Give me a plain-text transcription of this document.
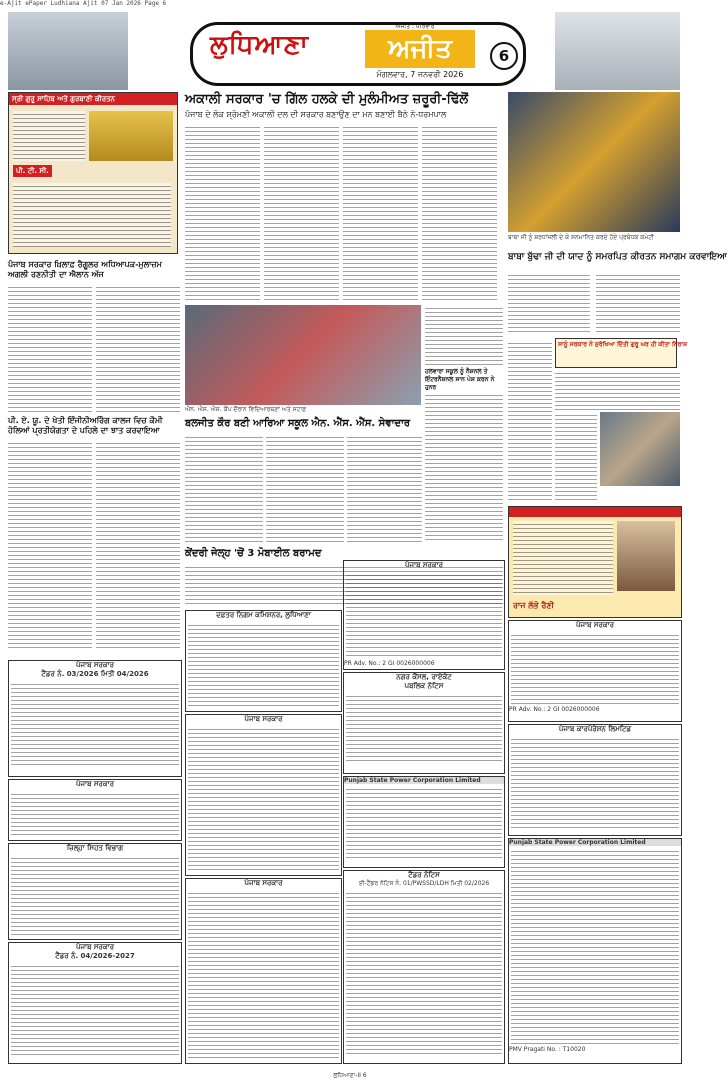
e-Ajit ePaper Ludhiana Ajit 07 Jan 2026 Page 6
ਲੁਧਿਆਣਾ	ਅਜੀਤ
ਅਜੀਤ : ਪਰਿਵਾਰ
6
ਮੰਗਲਵਾਰ, 7 ਜਨਵਰੀ 2026
ਸ੍ਰੀ ਗੁਰੂ ਸਾਹਿਬ ਅਤੇ ਗੁਰਬਾਣੀ ਕੀਰਤਨ
ਪੀ. ਟੀ. ਸੀ.
ਅਕਾਲੀ ਸਰਕਾਰ 'ਚ ਗਿੱਲ ਹਲਕੇ ਦੀ ਮੁਲੰਮੀਅਤ ਜ਼ਰੂਰੀ-ਢਿੱਲੋਂ
ਪੰਜਾਬ ਦੇ ਲੋਕ ਸ਼੍ਰੋਮਣੀ ਅਕਾਲੀ ਦਲ ਦੀ ਸਰਕਾਰ ਬਣਾਉਣ ਦਾ ਮਨ ਬਣਾਈ ਬੈਠੇ ਨੇ-ਧਰਮਪਾਲ
ਬਾਬਾ ਜੀ ਨੂੰ ਸ਼ਰਧਾਂਜਲੀ ਦੇ ਕੇ ਸਨਮਾਨਿਤ ਕਰਦੇ ਹੋਏ ਪ੍ਰਬੰਧਕ ਕਮੇਟੀ
ਬਾਬਾ ਬੁੱਢਾ ਜੀ ਦੀ ਯਾਦ ਨੂੰ ਸਮਰਪਿਤ ਕੀਰਤਨ ਸਮਾਗਮ ਕਰਵਾਇਆ
ਸਾਨੂੰ ਸਰਕਾਰ ਨੇ ਸੁਰੱਖਿਆ ਦਿੱਤੀ ਗੁਰੂ ਘਰ ਹੀ ਕੀਤਾ ਨਿਰਾਸ਼
ਰਾਜ ਲੱਭੋ ਰੈਣੀ
ਪੰਜਾਬ ਸਰਕਾਰ ਖ਼ਿਲਾਫ਼ ਰੈਗੂਲਰ ਅਧਿਆਪਕ-ਮੁਲਾਜ਼ਮ ਅਗਲੀ ਰਣਨੀਤੀ ਦਾ ਐਲਾਨ ਅੱਜ
ਪੀ. ਏ. ਯੂ. ਦੇ ਖੇਤੀ ਇੰਜੀਨੀਅਰਿੰਗ ਕਾਲਜ ਵਿਚ ਕੌਮੀ ਹੋਲਿਆਂ ਪ੍ਰਤੀਯੋਗਤਾ ਦੇ ਪਹਿਲੇ ਦਾ ਝਾਤ ਕਰਵਾਇਆ
ਐਨ. ਐਸ. ਐਸ. ਕੈਂਪ ਦੌਰਾਨ ਵਿਦਿਆਰਥਣਾਂ ਅਤੇ ਸਟਾਫ਼
ਬਲਜੀਤ ਕੌਰ ਬਣੀ ਆਰਿਆ ਸਕੂਲ ਐਨ. ਐੱਸ. ਐੱਸ. ਸੇਵਾਦਾਰ
ਹਲਵਾਰਾ ਸਕੂਲ ਨੂੰ ਨੈਸ਼ਨਲ ਤੇ ਇੰਟਰਨੈਸ਼ਨਲ ਸ਼ਾਨ ਪੇਸ਼ ਕਰਨ ਨੇ ਹੁਨਰ
ਕੇਂਦਰੀ ਜੇਲ੍ਹ 'ਚੋਂ 3 ਮੋਬਾਈਲ ਬਰਾਮਦ
ਪੰਜਾਬ ਸਰਕਾਰ
PR Adv. No.: 2 GI 0026000006
ਪੰਜਾਬ ਸਰਕਾਰ
ਟੈਂਡਰ ਨੰ. 03/2026 ਮਿਤੀ 04/2026
ਪੰਜਾਬ ਸਰਕਾਰ
ਜ਼ਿਲ੍ਹਾ ਸਿਹਤ ਵਿਭਾਗ
ਪੰਜਾਬ ਸਰਕਾਰ
ਟੈਂਡਰ ਨੰ. 04/2026-2027
ਦਫ਼ਤਰ ਨਿਗਮ ਕਮਿਸ਼ਨਰ, ਲੁਧਿਆਣਾ
ਪੰਜਾਬ ਸਰਕਾਰ
ਪੰਜਾਬ ਸਰਕਾਰ
ਨਗਰ ਕੌਂਸਲ, ਰਾਏਕੋਟ
ਪਬਲਿਕ ਨੋਟਿਸ
Punjab State Power Corporation Limited
ਟੈਂਡਰ ਨੋਟਿਸ
ਈ-ਟੈਂਡਰ ਨੋਟਿਸ ਨੰ. 01/PWSSD/LDH ਮਿਤੀ 02/2026
ਪੰਜਾਬ ਸਰਕਾਰ
PR Adv. No.: 2 GI 0026000006
ਪੰਜਾਬ ਕਾਰਪੋਰੇਸ਼ਨ ਲਿਮਟਿਡ
Punjab State Power Corporation Limited
PMV Pragati No. : T10020
ਲੁਧਿਆਣਾ-II 6
